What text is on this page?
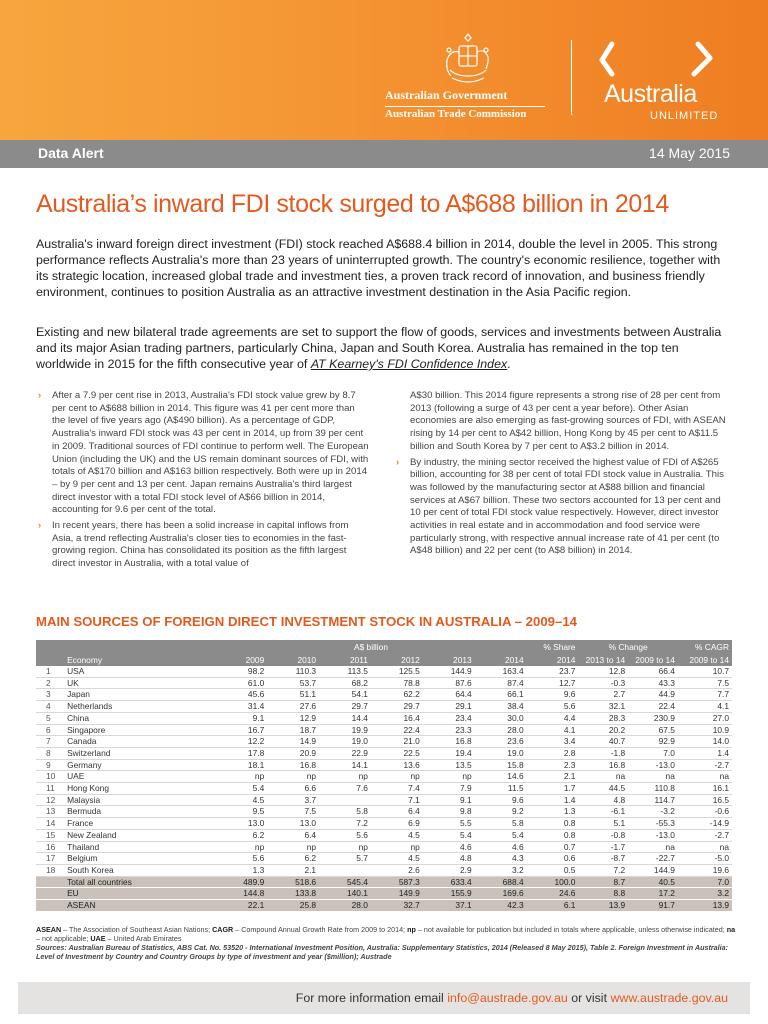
Australian Government
Australian Trade Commission
Australia
UNLIMITED
Data Alert	14 May 2015
Australia’s inward FDI stock surged to A$688 billion in 2014

Australia's inward foreign direct investment (FDI) stock reached A$688.4 billion in 2014, double the level in 2005. This strong performance reflects Australia's more than 23 years of uninterrupted growth. The country's economic resilience, together with its strategic location, increased global trade and investment ties, a proven track record of innovation, and business friendly environment, continues to position Australia as an attractive investment destination in the Asia Pacific region.

Existing and new bilateral trade agreements are set to support the flow of goods, services and investments between Australia and its major Asian trading partners, particularly China, Japan and South Korea. Australia has remained in the top ten worldwide in 2015 for the fifth consecutive year of AT Kearney's FDI Confidence Index.

› After a 7.9 per cent rise in 2013, Australia's FDI stock value grew by 8.7 per cent to A$688 billion in 2014. This figure was 41 per cent more than the level of five years ago (A$490 billion). As a percentage of GDP, Australia's inward FDI stock was 43 per cent in 2014, up from 39 per cent in 2009. Traditional sources of FDI continue to perform well. The European Union (including the UK) and the US remain dominant sources of FDI, with totals of A$170 billion and A$163 billion respectively. Both were up in 2014 – by 9 per cent and 13 per cent. Japan remains Australia's third largest direct investor with a total FDI stock level of A$66 billion in 2014, accounting for 9.6 per cent of the total.
› In recent years, there has been a solid increase in capital inflows from Asia, a trend reflecting Australia's closer ties to economies in the fast-growing region. China has consolidated its position as the fifth largest direct investor in Australia, with a total value of
A$30 billion. This 2014 figure represents a strong rise of 28 per cent from 2013 (following a surge of 43 per cent a year before). Other Asian economies are also emerging as fast-growing sources of FDI, with ASEAN rising by 14 per cent to A$42 billion, Hong Kong by 45 per cent to A$11.5 billion and South Korea by 7 per cent to A$3.2 billion in 2014.
› By industry, the mining sector received the highest value of FDI of A$265 billion, accounting for 38 per cent of total FDI stock value in Australia. This was followed by the manufacturing sector at A$88 billion and financial services at A$67 billion. These two sectors accounted for 13 per cent and 10 per cent of total FDI stock value respectively. However, direct investor activities in real estate and in accommodation and food service were particularly strong, with respective annual increase rate of 41 per cent (to A$48 billion) and 22 per cent (to A$8 billion) in 2014.
MAIN SOURCES OF FOREIGN DIRECT INVESTMENT STOCK IN AUSTRALIA – 2009–14
		A$ billion						% Share	% Change		% CAGR
	Economy	2009	2010	2011	2012	2013	2014	2014	2013 to 14	2009 to 14	2009 to 14
1	USA	98.2	110.3	113.5	125.5	144.9	163.4	23.7	12.8	66.4	10.7
2	UK	61.0	53.7	68.2	78.8	87.6	87.4	12.7	-0.3	43.3	7.5
3	Japan	45.6	51.1	54.1	62.2	64.4	66.1	9.6	2.7	44.9	7.7
4	Netherlands	31.4	27.6	29.7	29.7	29.1	38.4	5.6	32.1	22.4	4.1
5	China	9.1	12.9	14.4	16.4	23.4	30.0	4.4	28.3	230.9	27.0
6	Singapore	16.7	18.7	19.9	22.4	23.3	28.0	4.1	20.2	67.5	10.9
7	Canada	12.2	14.9	19.0	21.0	16.8	23.6	3.4	40.7	92.9	14.0
8	Switzerland	17.8	20.9	22.9	22.5	19.4	19.0	2.8	-1.8	7.0	1.4
9	Germany	18.1	16.8	14.1	13.6	13.5	15.8	2.3	16.8	-13.0	-2.7
10	UAE	np	np	np	np	np	14.6	2.1	na	na	na
11	Hong Kong	5.4	6.6	7.6	7.4	7.9	11.5	1.7	44.5	110.8	16.1
12	Malaysia	4.5	3.7		7.1	9.1	9.6	1.4	4.8	114.7	16.5
13	Bermuda	9.5	7.5	5.8	6.4	9.8	9.2	1.3	-6.1	-3.2	-0.6
14	France	13.0	13.0	7.2	6.9	5.5	5.8	0.8	5.1	-55.3	-14.9
15	New Zealand	6.2	6.4	5.6	4.5	5.4	5.4	0.8	-0.8	-13.0	-2.7
16	Thailand	np	np	np	np	4.6	4.6	0.7	-1.7	na	na
17	Belgium	5.6	6.2	5.7	4.5	4.8	4.3	0.6	-8.7	-22.7	-5.0
18	South Korea	1.3	2.1		2.6	2.9	3.2	0.5	7.2	144.9	19.6
	Total all countries	489.9	518.6	545.4	587.3	633.4	688.4	100.0	8.7	40.5	7.0
	EU	144.8	133.8	140.1	149.9	155.9	169.6	24.6	8.8	17.2	3.2
	ASEAN	22.1	25.8	28.0	32.7	37.1	42.3	6.1	13.9	91.7	13.9
ASEAN – The Association of Southeast Asian Nations; CAGR – Compound Annual Growth Rate from 2009 to 2014; np – not available for publication but included in totals where applicable, unless otherwise indicated; na – not applicable; UAE – United Arab Emirates
Sources: Australian Bureau of Statistics, ABS Cat. No. 53520 - International Investment Position, Australia: Supplementary Statistics, 2014 (Released 8 May 2015), Table 2. Foreign Investment in Australia: Level of Investment by Country and Country Groups by type of investment and year ($million); Austrade
For more information email info@austrade.gov.au or visit www.austrade.gov.au
